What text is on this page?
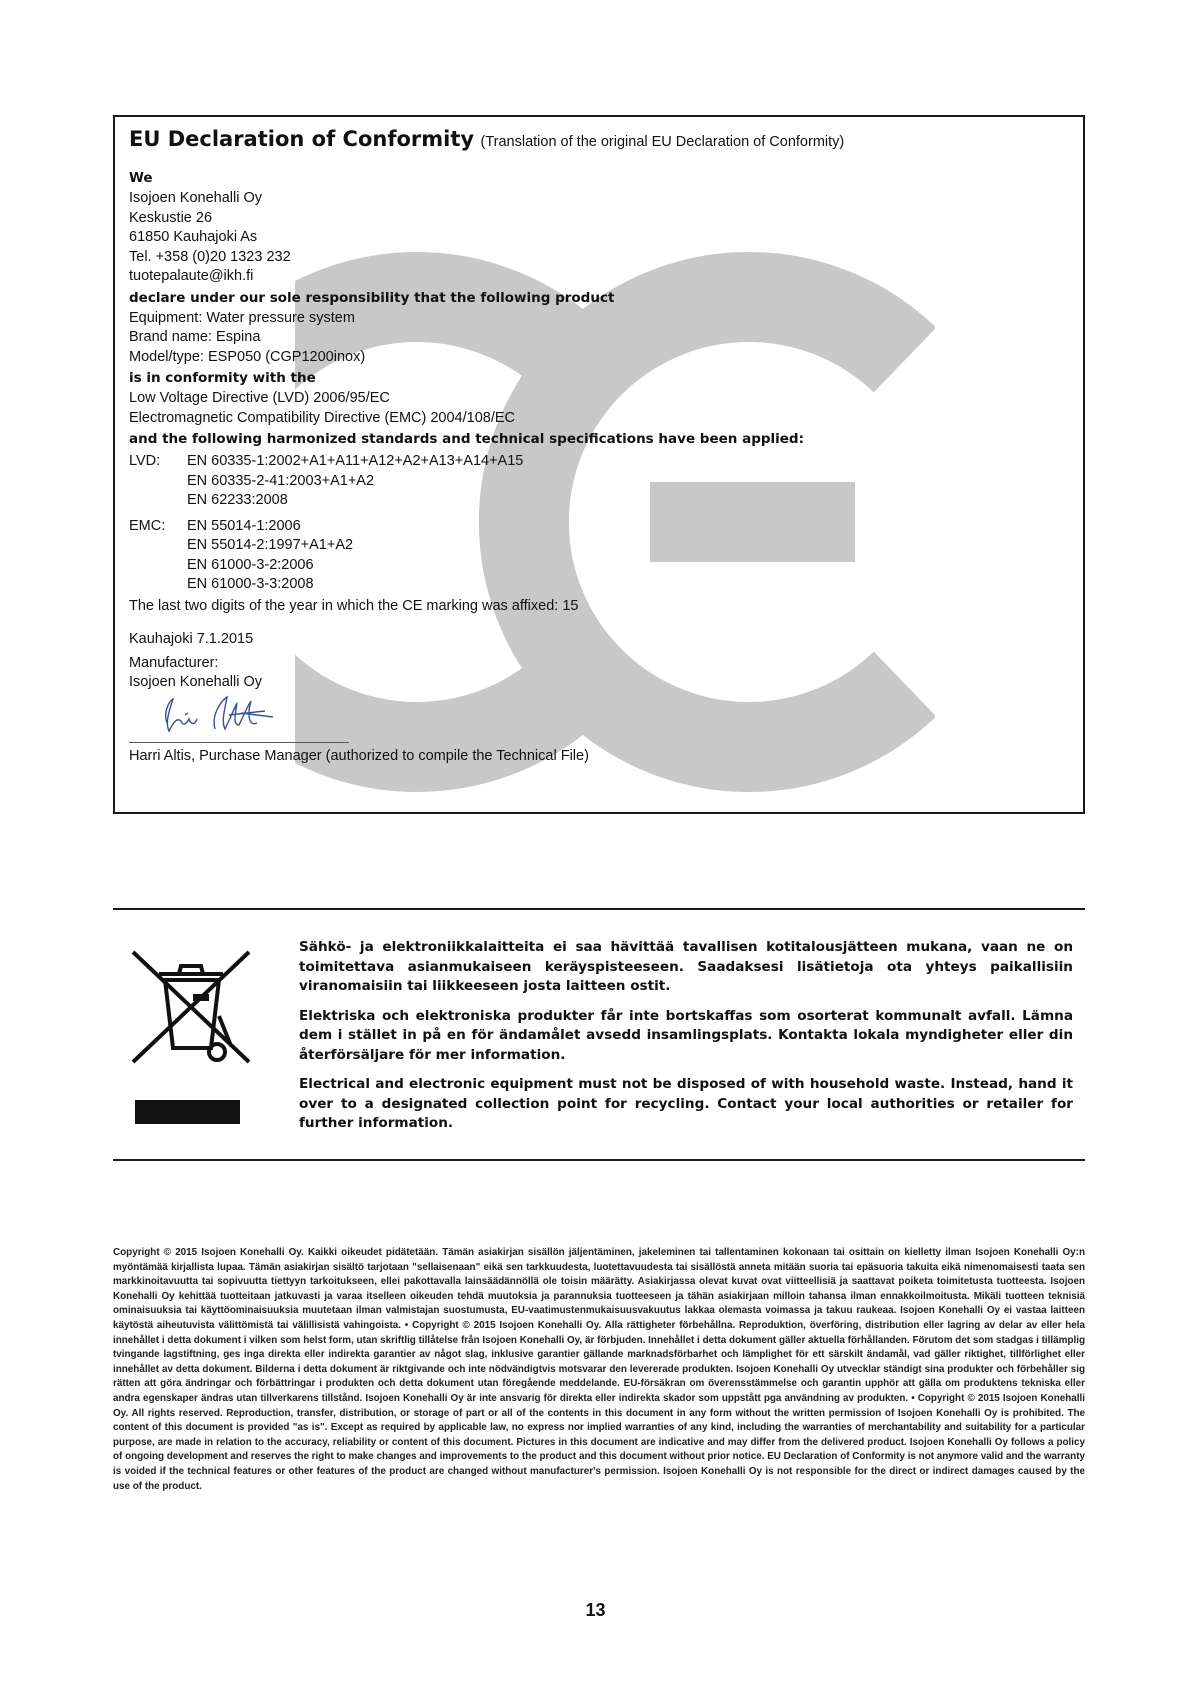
EU Declaration of Conformity (Translation of the original EU Declaration of Conformity)

We

Isojoen Konehalli Oy

Keskustie 26

61850 Kauhajoki As

Tel. +358 (0)20 1323 232

tuotepalaute@ikh.fi

declare under our sole responsibility that the following product

Equipment: Water pressure system

Brand name: Espina

Model/type: ESP050 (CGP1200inox)

is in conformity with the

Low Voltage Directive (LVD) 2006/95/EC

Electromagnetic Compatibility Directive (EMC) 2004/108/EC

and the following harmonized standards and technical specifications have been applied:

LVD:	EN 60335-1:2002+A1+A11+A12+A2+A13+A14+A15
EN 60335-2-41:2003+A1+A2
EN 62233:2008
EMC:	EN 55014-1:2006
EN 55014-2:1997+A1+A2
EN 61000-3-2:2006
EN 61000-3-3:2008

The last two digits of the year in which the CE marking was affixed: 15

Kauhajoki 7.1.2015

Manufacturer:

Isojoen Konehalli Oy

Harri Altis, Purchase Manager (authorized to compile the Technical File)

Sähkö- ja elektroniikkalaitteita ei saa hävittää tavallisen kotitalousjätteen mukana, vaan ne on toimitettava asianmukaiseen keräyspisteeseen. Saadaksesi lisätietoja ota yhteys paikallisiin viranomaisiin tai liikkeeseen josta laitteen ostit.

Elektriska och elektroniska produkter får inte bortskaffas som osorterat kommunalt avfall. Lämna dem i stället in på en för ändamålet avsedd insamlingsplats. Kontakta lokala myndigheter eller din återförsäljare för mer information.

Electrical and electronic equipment must not be disposed of with household waste. Instead, hand it over to a designated collection point for recycling. Contact your local authorities or retailer for further information.

Copyright © 2015 Isojoen Konehalli Oy. Kaikki oikeudet pidätetään. Tämän asiakirjan sisällön jäljentäminen, jakeleminen tai tallentaminen kokonaan tai osittain on kielletty ilman Isojoen Konehalli Oy:n myöntämää kirjallista lupaa. Tämän asiakirjan sisältö tarjotaan "sellaisenaan" eikä sen tarkkuudesta, luotettavuudesta tai sisällöstä anneta mitään suoria tai epäsuoria takuita eikä nimenomaisesti taata sen markkinoitavuutta tai sopivuutta tiettyyn tarkoitukseen, ellei pakottavalla lainsäädännöllä ole toisin määrätty. Asiakirjassa olevat kuvat ovat viitteellisiä ja saattavat poiketa toimitetusta tuotteesta. Isojoen Konehalli Oy kehittää tuotteitaan jatkuvasti ja varaa itselleen oikeuden tehdä muutoksia ja parannuksia tuotteeseen ja tähän asiakirjaan milloin tahansa ilman ennakkoilmoitusta. Mikäli tuotteen teknisiä ominaisuuksia tai käyttöominaisuuksia muutetaan ilman valmistajan suostumusta, EU-vaatimustenmukaisuusvakuutus lakkaa olemasta voimassa ja takuu raukeaa. Isojoen Konehalli Oy ei vastaa laitteen käytöstä aiheutuvista välittömistä tai välillisistä vahingoista. • Copyright © 2015 Isojoen Konehalli Oy. Alla rättigheter förbehållna. Reproduktion, överföring, distribution eller lagring av delar av eller hela innehållet i detta dokument i vilken som helst form, utan skriftlig tillåtelse från Isojoen Konehalli Oy, är förbjuden. Innehållet i detta dokument gäller aktuella förhållanden. Förutom det som stadgas i tillämplig tvingande lagstiftning, ges inga direkta eller indirekta garantier av något slag, inklusive garantier gällande marknadsförbarhet och lämplighet för ett särskilt ändamål, vad gäller riktighet, tillförlighet eller innehållet av detta dokument. Bilderna i detta dokument är riktgivande och inte nödvändigtvis motsvarar den levererade produkten. Isojoen Konehalli Oy utvecklar ständigt sina produkter och förbehåller sig rätten att göra ändringar och förbättringar i produkten och detta dokument utan föregående meddelande. EU-försäkran om överensstämmelse och garantin upphör att gälla om produktens tekniska eller andra egenskaper ändras utan tillverkarens tillstånd. Isojoen Konehalli Oy är inte ansvarig för direkta eller indirekta skador som uppstått pga användning av produkten. • Copyright © 2015 Isojoen Konehalli Oy. All rights reserved. Reproduction, transfer, distribution, or storage of part or all of the contents in this document in any form without the written permission of Isojoen Konehalli Oy is prohibited. The content of this document is provided "as is". Except as required by applicable law, no express nor implied warranties of any kind, including the warranties of merchantability and suitability for a particular purpose, are made in relation to the accuracy, reliability or content of this document. Pictures in this document are indicative and may differ from the delivered product. Isojoen Konehalli Oy follows a policy of ongoing development and reserves the right to make changes and improvements to the product and this document without prior notice. EU Declaration of Conformity is not anymore valid and the warranty is voided if the technical features or other features of the product are changed without manufacturer's permission. Isojoen Konehalli Oy is not responsible for the direct or indirect damages caused by the use of the product.

13
